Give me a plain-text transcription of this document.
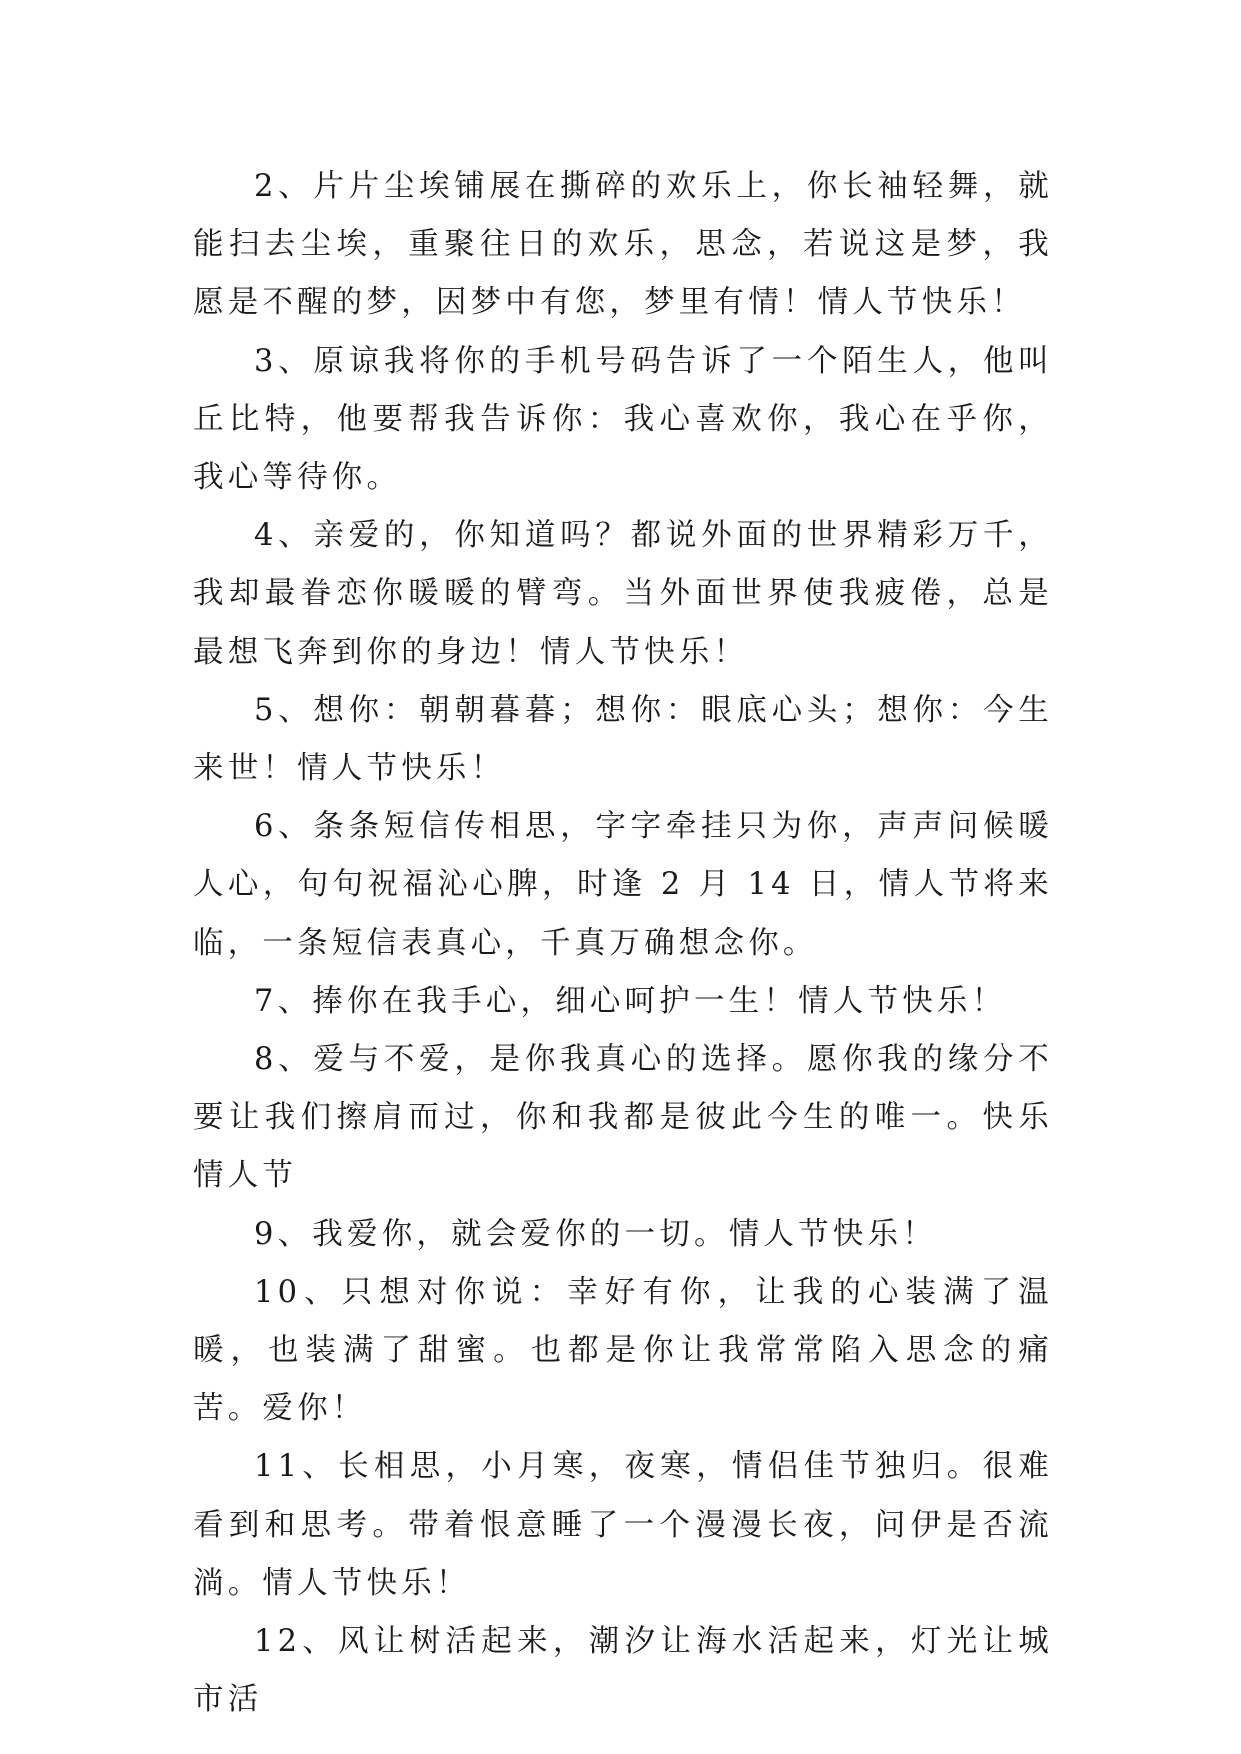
2、片片尘埃铺展在撕碎的欢乐上，你长袖轻舞，就能扫去尘埃，重聚往日的欢乐，思念，若说这是梦，我愿是不醒的梦，因梦中有您，梦里有情！情人节快乐！

3、原谅我将你的手机号码告诉了一个陌生人，他叫丘比特，他要帮我告诉你：我心喜欢你，我心在乎你，我心等待你。

4、亲爱的，你知道吗？都说外面的世界精彩万千，我却最眷恋你暖暖的臂弯。当外面世界使我疲倦，总是最想飞奔到你的身边！情人节快乐！

5、想你：朝朝暮暮；想你：眼底心头；想你：今生来世！情人节快乐！

6、条条短信传相思，字字牵挂只为你，声声问候暖人心，句句祝福沁心脾，时逢 2 月 14 日，情人节将来临，一条短信表真心，千真万确想念你。

7、捧你在我手心，细心呵护一生！情人节快乐！

8、爱与不爱，是你我真心的选择。愿你我的缘分不要让我们擦肩而过，你和我都是彼此今生的唯一。快乐情人节

9、我爱你，就会爱你的一切。情人节快乐！

10、只想对你说：幸好有你，让我的心装满了温暖，也装满了甜蜜。也都是你让我常常陷入思念的痛苦。爱你！

11、长相思，小月寒，夜寒，情侣佳节独归。很难看到和思考。带着恨意睡了一个漫漫长夜，问伊是否流淌。情人节快乐！

12、风让树活起来，潮汐让海水活起来，灯光让城市活
